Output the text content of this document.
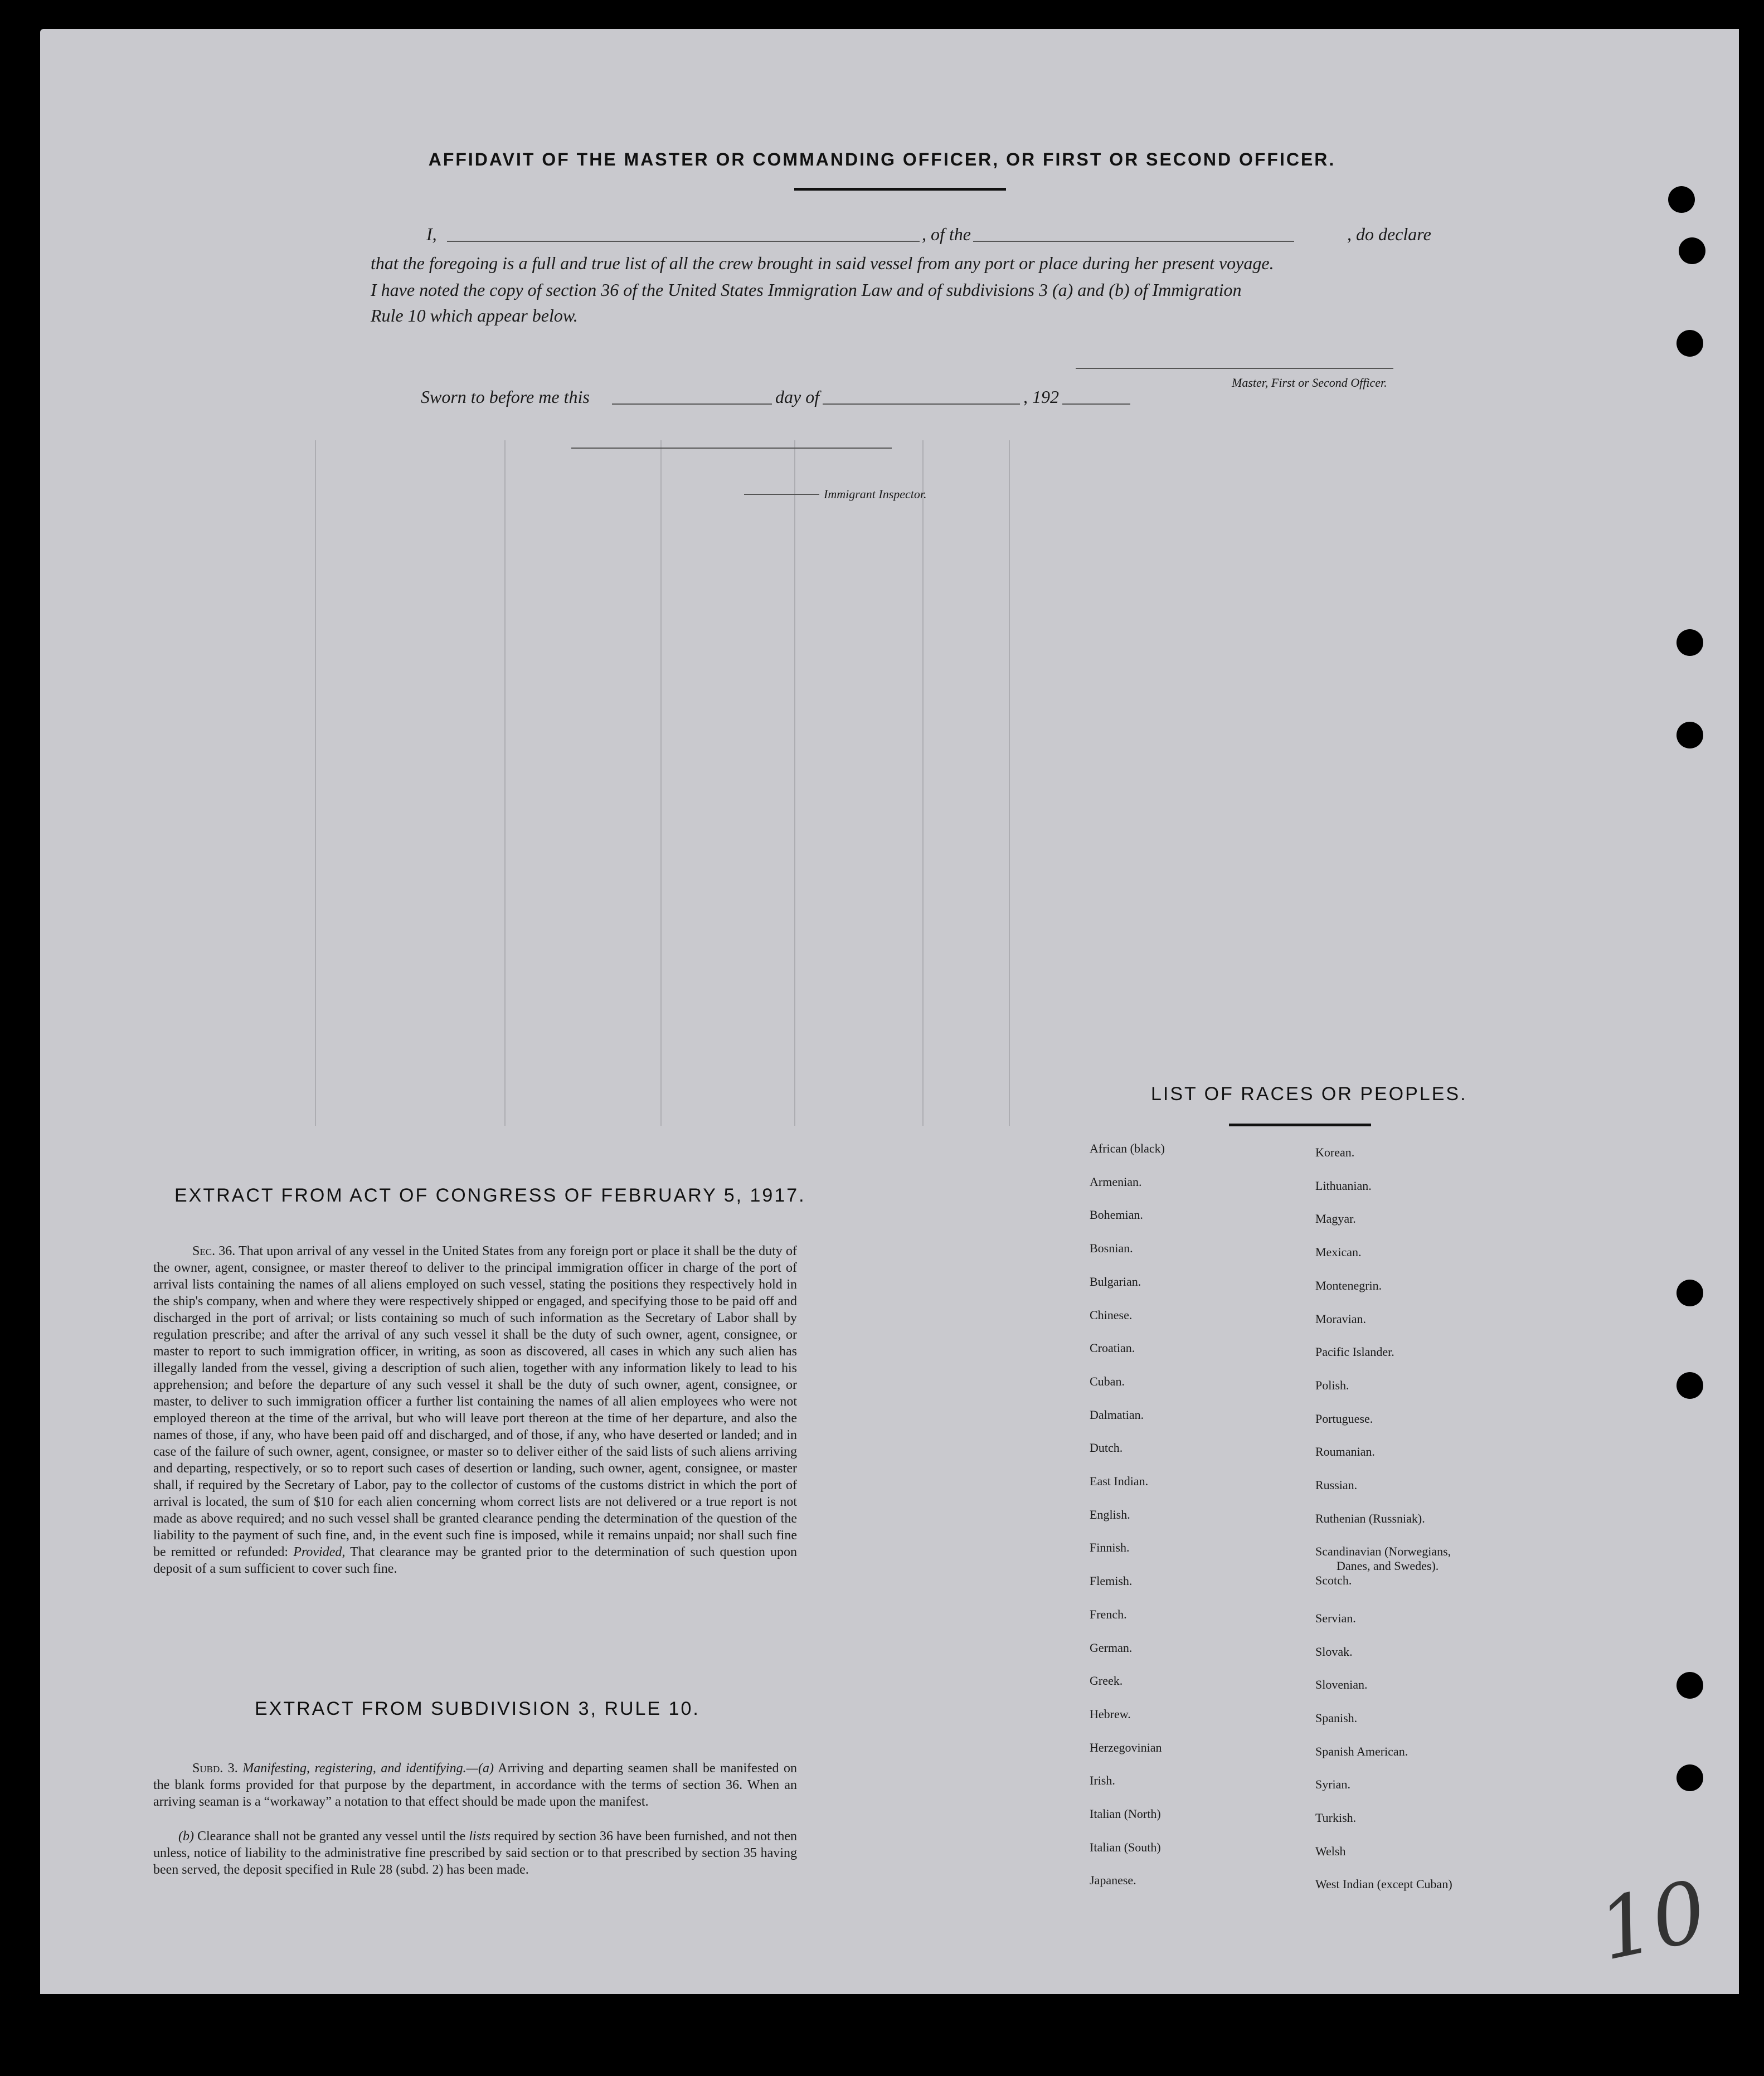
AFFIDAVIT OF THE MASTER OR COMMANDING OFFICER, OR FIRST OR SECOND OFFICER.
I,	, of the	, do declare
that the foregoing is a full and true list of all the crew brought in said vessel from any port or place during her present voyage.
I have noted the copy of section 36 of the United States Immigration Law and of subdivisions 3 (a) and (b) of Immigration
Rule 10 which appear below.
Master, First or Second Officer.
Sworn to before me this	day of	, 192
Immigrant Inspector.
EXTRACT FROM ACT OF CONGRESS OF FEBRUARY 5, 1917.
Sec. 36. That upon arrival of any vessel in the United States from any foreign port or place it shall be the duty of the owner, agent, consignee, or master thereof to deliver to the principal immigration officer in charge of the port of arrival lists containing the names of all aliens employed on such vessel, stating the positions they respectively hold in the ship's company, when and where they were respectively shipped or engaged, and specifying those to be paid off and discharged in the port of arrival; or lists containing so much of such information as the Secretary of Labor shall by regulation prescribe; and after the arrival of any such vessel it shall be the duty of such owner, agent, consignee, or master to report to such immigration officer, in writing, as soon as discovered, all cases in which any such alien has illegally landed from the vessel, giving a description of such alien, together with any information likely to lead to his apprehension; and before the departure of any such vessel it shall be the duty of such owner, agent, consignee, or master, to deliver to such immigration officer a further list containing the names of all alien employees who were not employed thereon at the time of the arrival, but who will leave port thereon at the time of her departure, and also the names of those, if any, who have been paid off and discharged, and of those, if any, who have deserted or landed; and in case of the failure of such owner, agent, consignee, or master so to deliver either of the said lists of such aliens arriving and departing, respectively, or so to report such cases of desertion or landing, such owner, agent, consignee, or master shall, if required by the Secretary of Labor, pay to the collector of customs of the customs district in which the port of arrival is located, the sum of $10 for each alien concerning whom correct lists are not delivered or a true report is not made as above required; and no such vessel shall be granted clearance pending the determination of the question of the liability to the payment of such fine, and, in the event such fine is imposed, while it remains unpaid; nor shall such fine be remitted or refunded: Provided, That clearance may be granted prior to the determination of such question upon deposit of a sum sufficient to cover such fine.
EXTRACT FROM SUBDIVISION 3, RULE 10.
Subd. 3. Manifesting, registering, and identifying.—(a) Arriving and departing seamen shall be manifested on the blank forms provided for that purpose by the department, in accordance with the terms of section 36. When an arriving seaman is a “workaway” a notation to that effect should be made upon the manifest.
(b) Clearance shall not be granted any vessel until the lists required by section 36 have been furnished, and not then unless, notice of liability to the administrative fine prescribed by said section or to that prescribed by section 35 having been served, the deposit specified in Rule 28 (subd. 2) has been made.
LIST OF RACES OR PEOPLES.
African (black)
Armenian.
Bohemian.
Bosnian.
Bulgarian.
Chinese.
Croatian.
Cuban.
Dalmatian.
Dutch.
East Indian.
English.
Finnish.
Flemish.
French.
German.
Greek.
Hebrew.
Herzegovinian
Irish.
Italian (North)
Italian (South)
Japanese.
Korean.
Lithuanian.
Magyar.
Mexican.
Montenegrin.
Moravian.
Pacific Islander.
Polish.
Portuguese.
Roumanian.
Russian.
Ruthenian (Russniak).
Scandinavian (Norwegians,
Scotch.
Servian.
Slovak.
Slovenian.
Spanish.
Spanish American.
Syrian.
Turkish.
Welsh
West Indian (except Cuban)
Danes, and Swedes).
10
